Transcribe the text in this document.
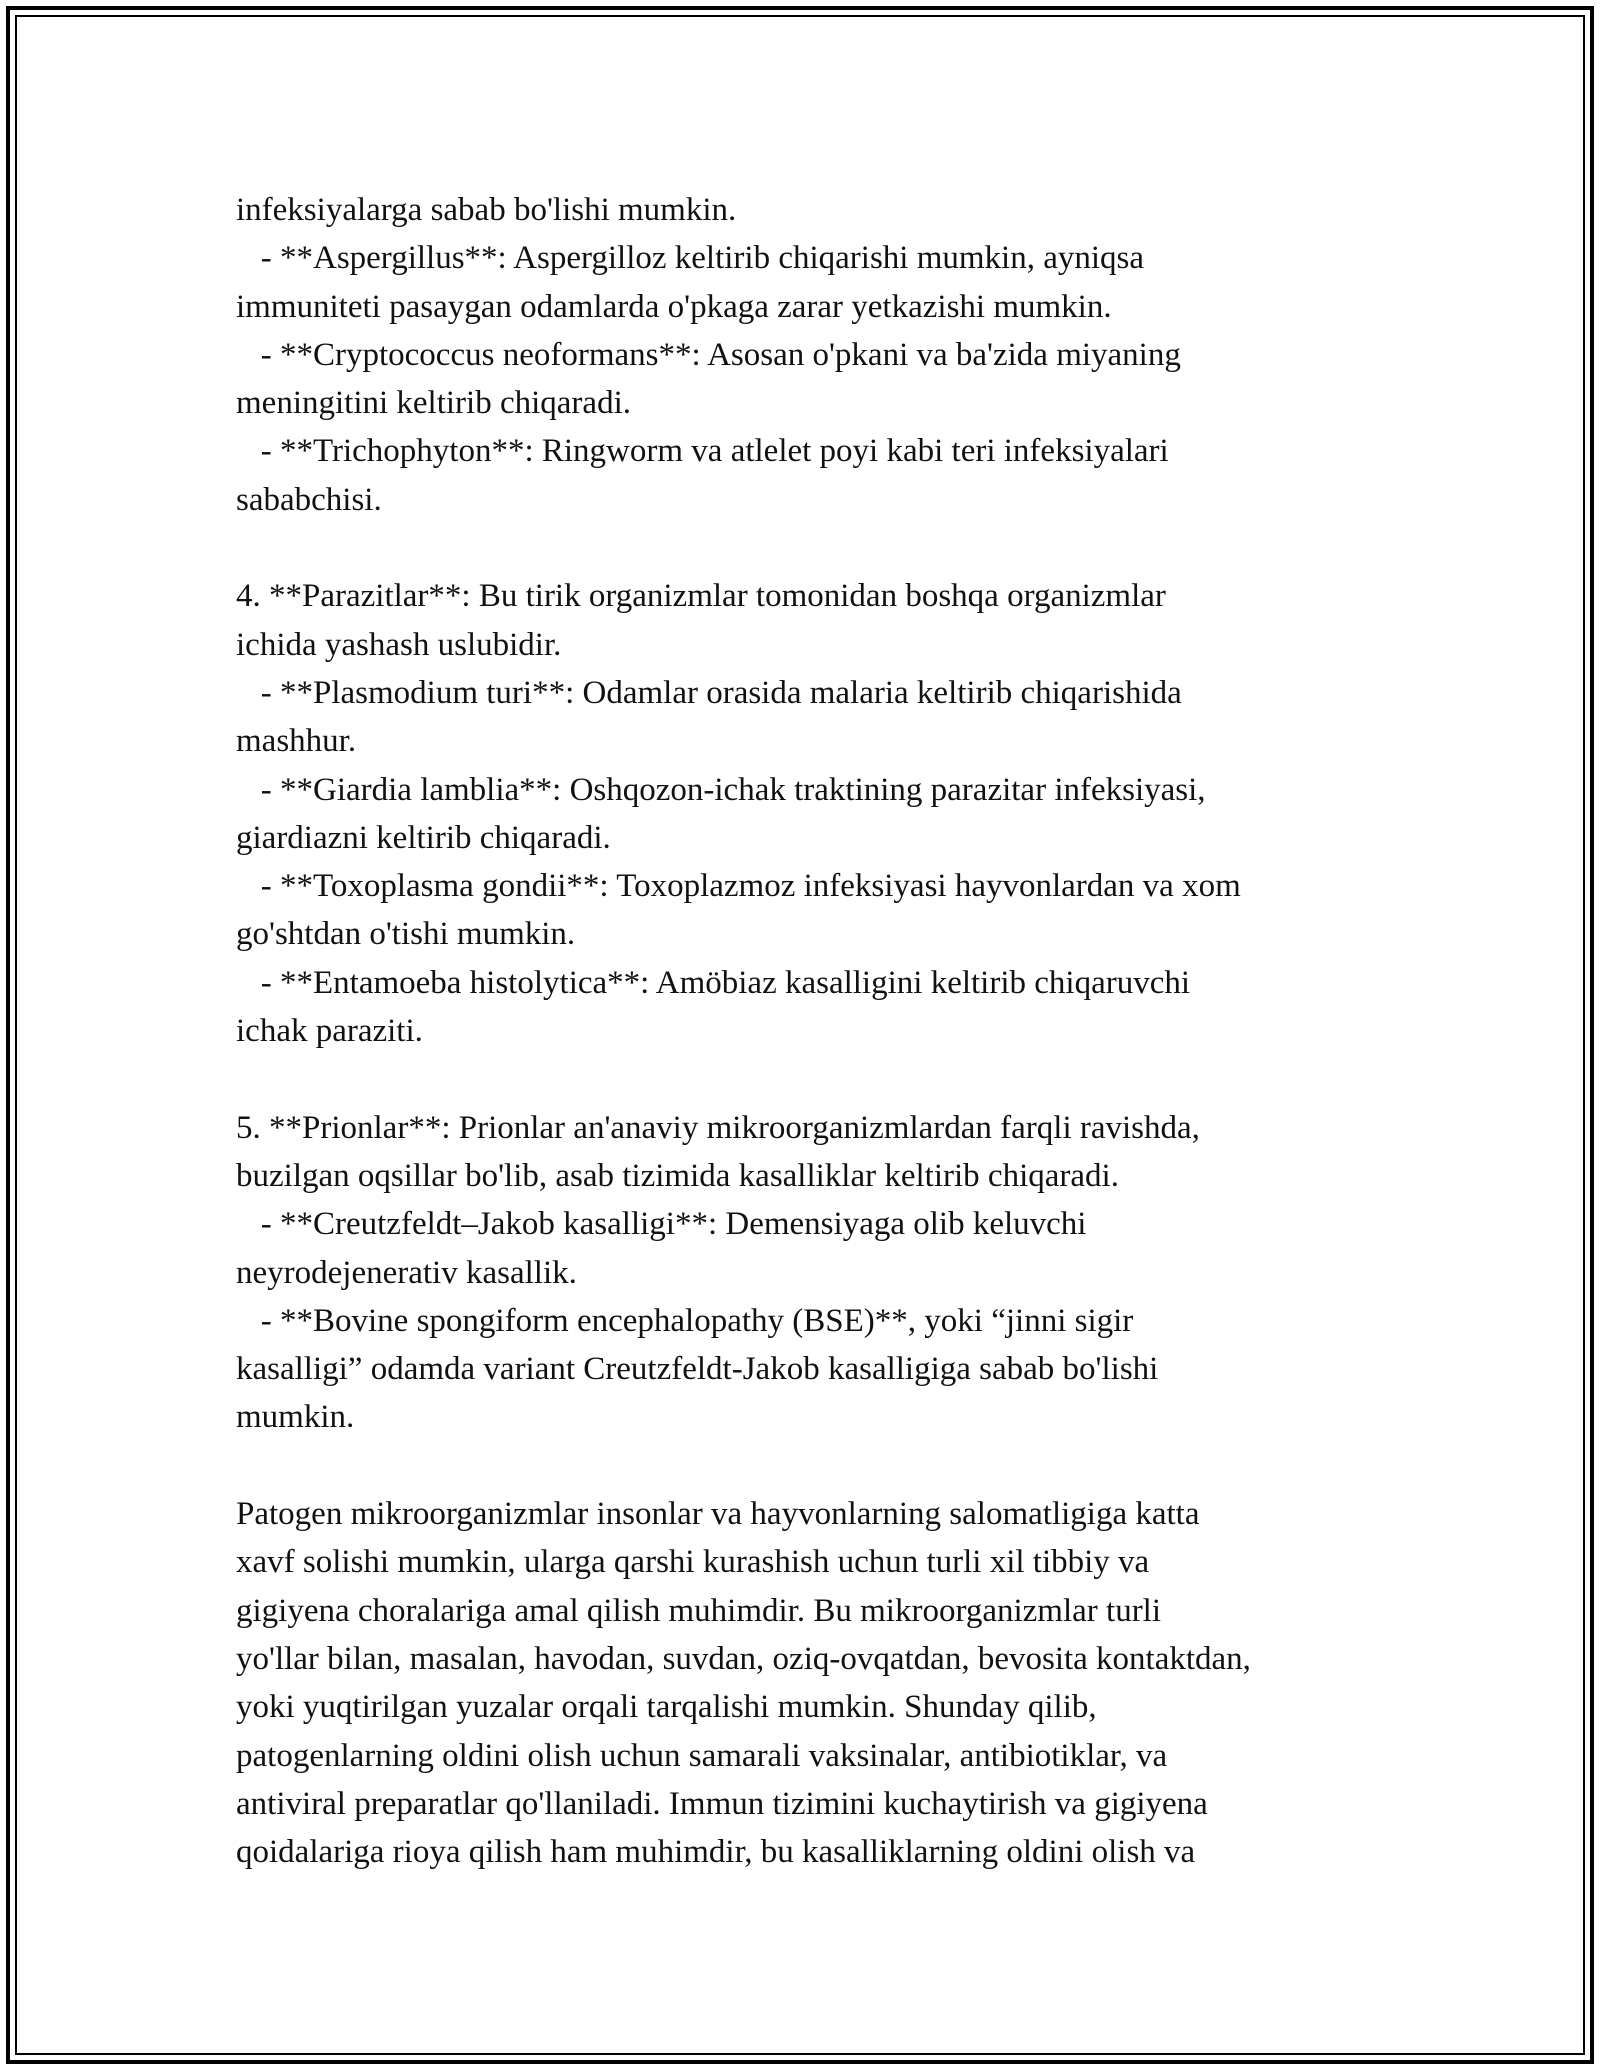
infeksiyalarga sabab bo'lishi mumkin.
- **Aspergillus**: Aspergilloz keltirib chiqarishi mumkin, ayniqsa
immuniteti pasaygan odamlarda o'pkaga zarar yetkazishi mumkin.
- **Cryptococcus neoformans**: Asosan o'pkani va ba'zida miyaning
meningitini keltirib chiqaradi.
- **Trichophyton**: Ringworm va atlelet poyi kabi teri infeksiyalari
sababchisi.
4. **Parazitlar**: Bu tirik organizmlar tomonidan boshqa organizmlar
ichida yashash uslubidir.
- **Plasmodium turi**: Odamlar orasida malaria keltirib chiqarishida
mashhur.
- **Giardia lamblia**: Oshqozon-ichak traktining parazitar infeksiyasi,
giardiazni keltirib chiqaradi.
- **Toxoplasma gondii**: Toxoplazmoz infeksiyasi hayvonlardan va xom
go'shtdan o'tishi mumkin.
- **Entamoeba histolytica**: Amöbiaz kasalligini keltirib chiqaruvchi
ichak paraziti.
5. **Prionlar**: Prionlar an'anaviy mikroorganizmlardan farqli ravishda,
buzilgan oqsillar bo'lib, asab tizimida kasalliklar keltirib chiqaradi.
- **Creutzfeldt–Jakob kasalligi**: Demensiyaga olib keluvchi
neyrodejenerativ kasallik.
- **Bovine spongiform encephalopathy (BSE)**, yoki “jinni sigir
kasalligi” odamda variant Creutzfeldt-Jakob kasalligiga sabab bo'lishi
mumkin.
Patogen mikroorganizmlar insonlar va hayvonlarning salomatligiga katta
xavf solishi mumkin, ularga qarshi kurashish uchun turli xil tibbiy va
gigiyena choralariga amal qilish muhimdir. Bu mikroorganizmlar turli
yo'llar bilan, masalan, havodan, suvdan, oziq-ovqatdan, bevosita kontaktdan,
yoki yuqtirilgan yuzalar orqali tarqalishi mumkin. Shunday qilib,
patogenlarning oldini olish uchun samarali vaksinalar, antibiotiklar, va
antiviral preparatlar qo'llaniladi. Immun tizimini kuchaytirish va gigiyena
qoidalariga rioya qilish ham muhimdir, bu kasalliklarning oldini olish va
